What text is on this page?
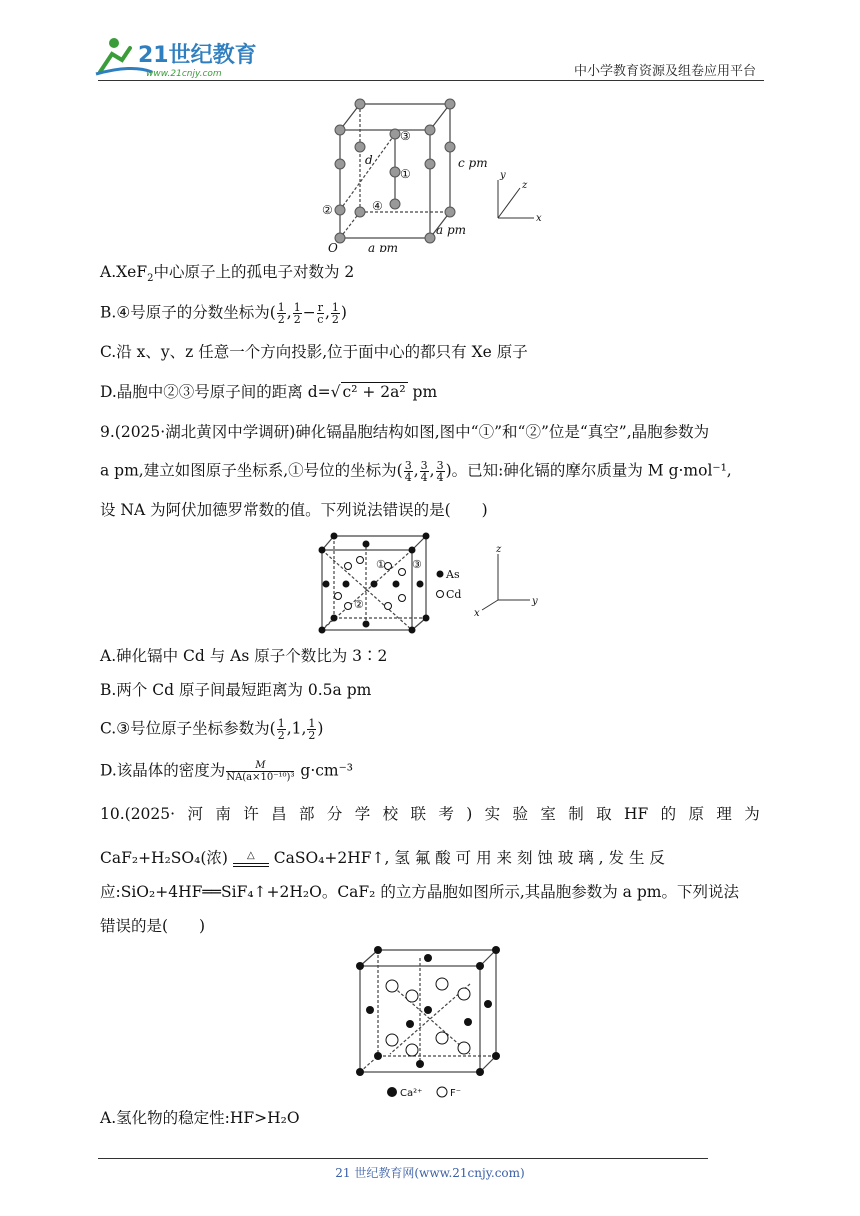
21世纪教育
www.21cnjy.com	中小学教育资源及组卷应用平台
③
d
①
c pm
②	④
O	a pm
a pm
y
z
x
A.XeF$_2$中心原子上的孤电子对数为 2
B.④号原子的分数坐标为( $\frac{1}{2}$ , $\frac{1}{2} - \frac{r}{c}$ , $\frac{1}{2}$ )
C.沿 x、y、z 任意一个方向投影,位于面中心的都只有 Xe 原子
D.晶胞中②③号原子间的距离 d=√ c² + 2a² pm
9.(2025·湖北黄冈中学调研)砷化镉晶胞结构如图,图中“①”和“②”位是“真空”,晶胞参数为
a pm,建立如图原子坐标系,①号位的坐标为( $\frac{3}{4}$ , $\frac{3}{4}$ , $\frac{3}{4}$ )。已知:砷化镉的摩尔质量为 M g·mol⁻¹,
设 NA 为阿伏加德罗常数的值。下列说法错误的是(　　)
①
②
③
As
Cd
z
y
x
A.砷化镉中 Cd 与 As 原子个数比为 3∶2
B.两个 Cd 原子间最短距离为 0.5a pm
C.③号位原子坐标参数为( $\frac{1}{2} ,1$, $\frac{1}{2}$ )
D.该晶体的密度为 $\frac{M}{\text{NA(a×10⁻¹⁰)³}} g\cdot cm^{-3}$
10.(2025· 河 南 许 昌 部 分 学 校 联 考 ) 实 验 室 制 取 HF 的 原 理 为
CaF₂+H₂SO₄(浓)	△	CaSO₄+2HF↑, 氢 氟 酸 可 用 来 刻 蚀 玻 璃 , 发 生 反
应:SiO₂+4HF══SiF₄↑+2H₂O。CaF₂ 的立方晶胞如图所示,其晶胞参数为 a pm。下列说法
错误的是(　　)
Ca²⁺	F⁻
A.氢化物的稳定性:HF>H₂O
21 世纪教育网(www.21cnjy.com)
